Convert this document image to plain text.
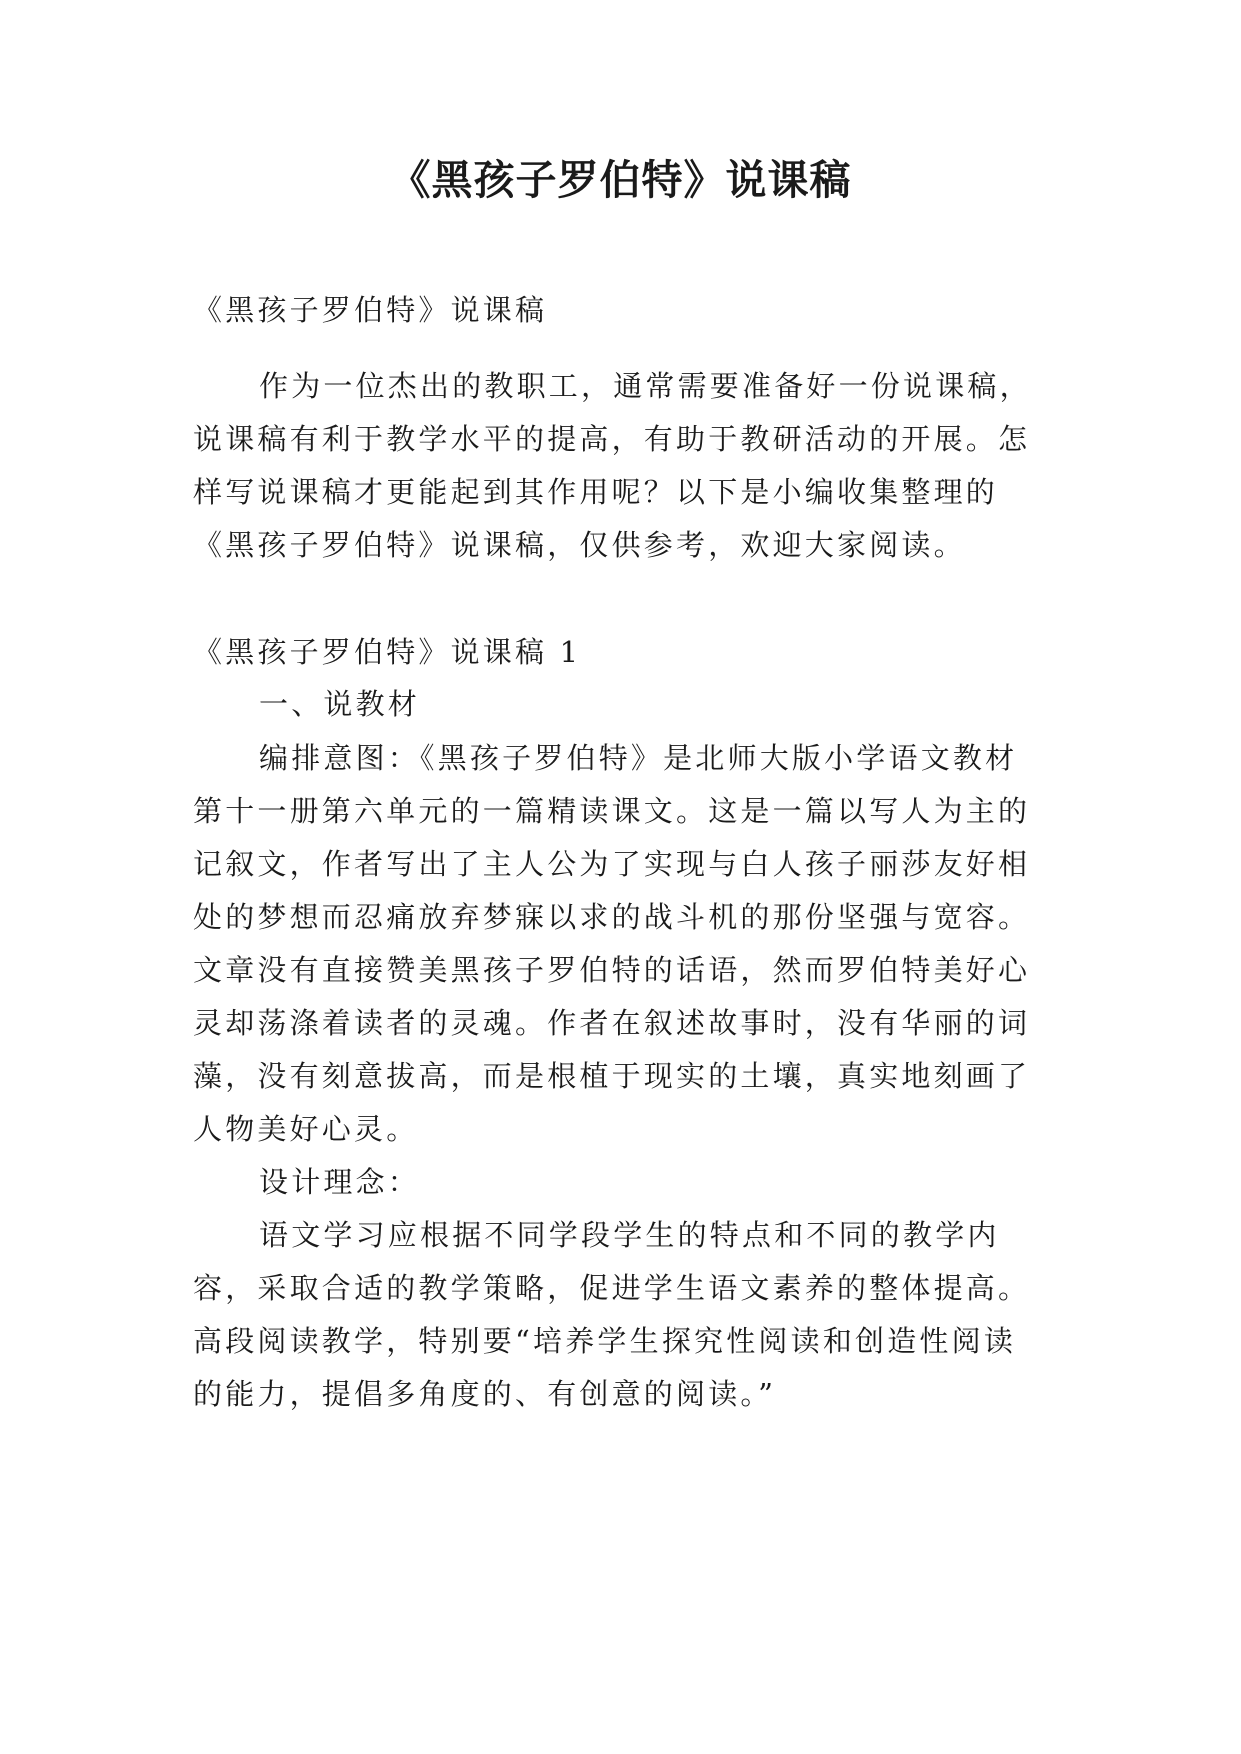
《黑孩子罗伯特》说课稿

《黑孩子罗伯特》说课稿

作为一位杰出的教职工，通常需要准备好一份说课稿，

说课稿有利于教学水平的提高，有助于教研活动的开展。怎

样写说课稿才更能起到其作用呢？以下是小编收集整理的

《黑孩子罗伯特》说课稿，仅供参考，欢迎大家阅读。

《黑孩子罗伯特》说课稿 1

一、说教材

编排意图：《黑孩子罗伯特》是北师大版小学语文教材

第十一册第六单元的一篇精读课文。这是一篇以写人为主的

记叙文，作者写出了主人公为了实现与白人孩子丽莎友好相

处的梦想而忍痛放弃梦寐以求的战斗机的那份坚强与宽容。

文章没有直接赞美黑孩子罗伯特的话语，然而罗伯特美好心

灵却荡涤着读者的灵魂。作者在叙述故事时，没有华丽的词

藻，没有刻意拔高，而是根植于现实的土壤，真实地刻画了

人物美好心灵。

设计理念：

语文学习应根据不同学段学生的特点和不同的教学内

容，采取合适的教学策略，促进学生语文素养的整体提高。

高段阅读教学，特别要“培养学生探究性阅读和创造性阅读

的能力，提倡多角度的、有创意的阅读。”
